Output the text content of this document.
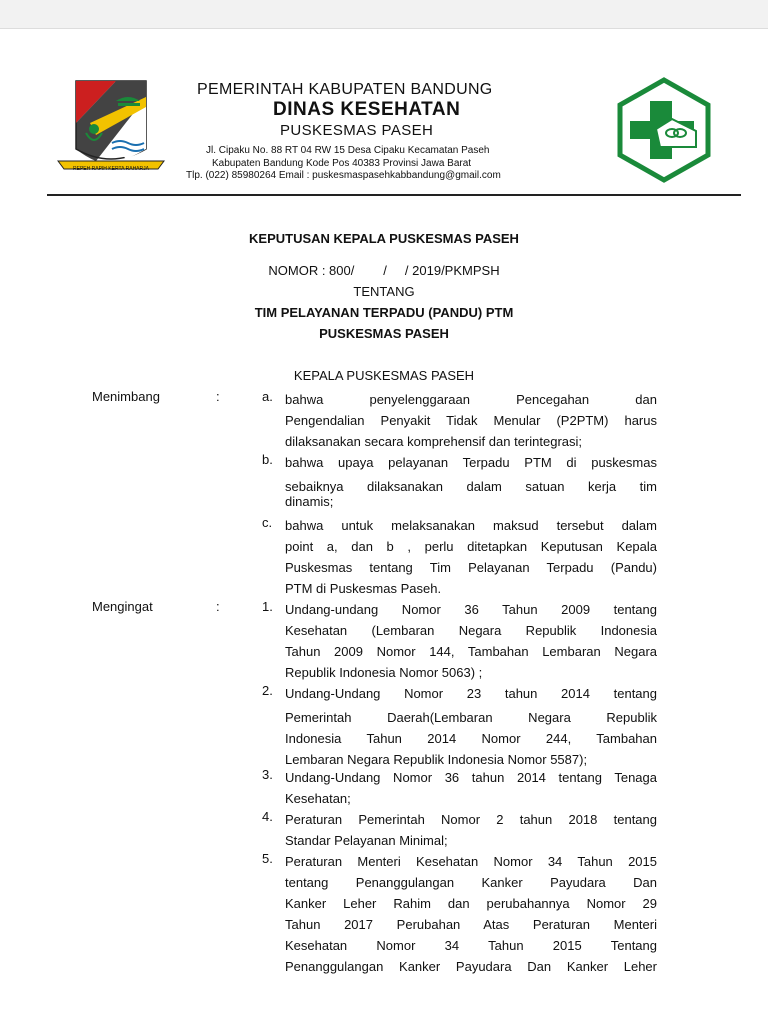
REPEH RAPIH KERTA RAHARJA
PEMERINTAH KABUPATEN BANDUNG
DINAS KESEHATAN
PUSKESMAS PASEH
Jl. Cipaku No. 88 RT 04 RW 15 Desa Cipaku Kecamatan Paseh
Kabupaten Bandung Kode Pos 40383 Provinsi Jawa Barat
Tlp. (022) 85980264 Email : puskesmaspasehkabbandung@gmail.com
KEPUTUSAN KEPALA PUSKESMAS PASEH
NOMOR : 800/        /     / 2019/PKMPSH
TENTANG
TIM PELAYANAN TERPADU (PANDU) PTM
PUSKESMAS PASEH
KEPALA PUSKESMAS PASEH
Menimbang	:	a. bahwa penyelenggaraan Pencegahan dan
Pengendalian Penyakit Tidak Menular (P2PTM) harus
dilaksanakan secara komprehensif dan terintegrasi;
b. bahwa upaya pelayanan Terpadu PTM di puskesmas
sebaiknya dilaksanakan dalam satuan kerja tim
dinamis;
c. bahwa untuk melaksanakan maksud tersebut dalam
point a, dan b , perlu ditetapkan Keputusan Kepala
Puskesmas tentang Tim Pelayanan Terpadu (Pandu)
PTM di Puskesmas Paseh.
Mengingat	:	1. Undang-undang Nomor 36 Tahun 2009 tentang
Kesehatan (Lembaran Negara Republik Indonesia
Tahun 2009 Nomor 144, Tambahan Lembaran Negara
Republik Indonesia Nomor 5063) ;
2. Undang-Undang Nomor 23 tahun 2014 tentang
Pemerintah Daerah(Lembaran Negara Republik
Indonesia Tahun 2014 Nomor 244, Tambahan
Lembaran Negara Republik Indonesia Nomor 5587);
3. Undang-Undang Nomor 36 tahun 2014 tentang Tenaga
Kesehatan;
4. Peraturan Pemerintah Nomor 2 tahun 2018 tentang
Standar Pelayanan Minimal;
5. Peraturan Menteri Kesehatan Nomor 34 Tahun 2015
tentang Penanggulangan Kanker Payudara Dan
Kanker Leher Rahim dan perubahannya Nomor 29
Tahun 2017 Perubahan Atas Peraturan Menteri
Kesehatan Nomor 34 Tahun 2015 Tentang
Penanggulangan Kanker Payudara Dan Kanker Leher
